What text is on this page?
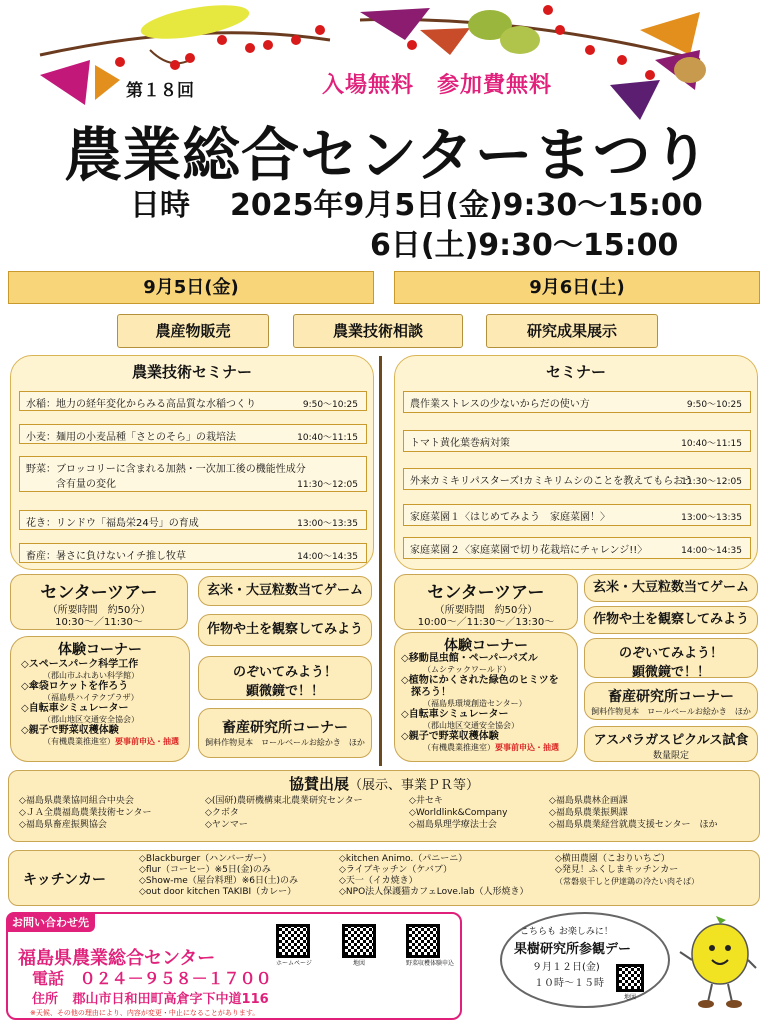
第１８回	入場無料　参加費無料
農業総合センターまつり
日時 2025年9月5日(金)9:30～15:00
6日(土)9:30～15:00
9月5日(金)	9月6日(土)
農産物販売	農業技術相談	研究成果展示
農業技術セミナー
水稲：地力の経年変化からみる高品質な水稲つくり	9:50～10:25
小麦：麺用の小麦品種「さとのそら」の栽培法	10:40～11:15
野菜：ブロッコリーに含まれる加熱・一次加工後の機能性成分
含有量の変化	11:30～12:05
花き：リンドウ「福島栄24号」の育成	13:00～13:35
畜産：暑さに負けないイチ推し牧草	14:00～14:35
セミナー
農作業ストレスの少ないからだの使い方	9:50～10:25
トマト黄化葉巻病対策	10:40～11:15
外来カミキリパスターズ!カミキリムシのことを教えてもらおう
11:30～12:05
家庭菜園１〈はじめてみよう　家庭菜園！〉	13:00～13:35
家庭菜園２〈家庭菜園で切り花栽培にチャレンジ!!〉	14:00～14:35
センターツアー
（所要時間　約50分）
10:30～／11:30～
センターツアー
（所要時間　約50分）
10:00～／11:30～／13:30～
玄米・大豆粒数当てゲーム
作物や土を観察してみよう
のぞいてみよう！
顕微鏡で！！
畜産研究所コーナー
飼料作物見本　ロールベールお絵かき　ほか
玄米・大豆粒数当てゲーム
作物や土を観察してみよう
のぞいてみよう！
顕微鏡で！！
畜産研究所コーナー
飼料作物見本　ロールベールお絵かき　ほか
アスパラガスピクルス試食
数量限定
体験コーナー
◇スペースパーク科学工作
（郡山市ふれあい科学館）
◇傘袋ロケットを作ろう
（福島県ハイテクプラザ）
◇自転車シミュレーター
（郡山地区交通安全協会）
◇親子で野菜収穫体験
（有機農業推進室）要事前申込・抽選
体験コーナー
◇移動昆虫館・ペーパーパズル
（ムシテックワールド）
◇植物にかくされた緑色のヒミツを
探ろう！
（福島県環境創造センター）
◇自転車シミュレーター
（郡山地区交通安全協会）
◇親子で野菜収穫体験
（有機農業推進室）要事前申込・抽選
協賛出展（展示、事業ＰＲ等）
◇福島県農業協同組合中央会
◇ＪＡ全農福島農業技術センター
◇福島県畜産振興協会
◇(国研)農研機構東北農業研究センター
◇クボタ
◇ヤンマー
◇井セキ
◇Worldlink&Company
◇福島県理学療法士会
◇福島県農林企画課
◇福島県農業振興課
◇福島県農業経営就農支援センター　ほか
キッチンカー
◇Blackburger（ハンバーガー）
◇flur（コーヒー）※5日(金)のみ
◇Show-me（屋台料理）※6日(土)のみ
◇out door kitchen TAKIBI（カレー）
◇kitchen Animo.（パニーニ）
◇ライブキッチン（ケバブ）
◇天一（イカ焼き）
◇NPO法人保護猫カフェLove.lab（人形焼き）
◇横田農園（こおりいちご）
◇発見！ふくしまキッチンカー
（常磐泉干しと伊達鶏の冷たい肉そば）
お問い合わせ先
福島県農業総合センター
電話 ０２４－９５８－１７００
住所 郡山市日和田町高倉字下中道116
※天候、その他の理由により、内容が変更・中止になることがあります。
ホームページ	地図	野菜収穫体験申込
こちらも お楽しみに！
果樹研究所参観デー
９月１２日(金)
１０時～１５時
地図
